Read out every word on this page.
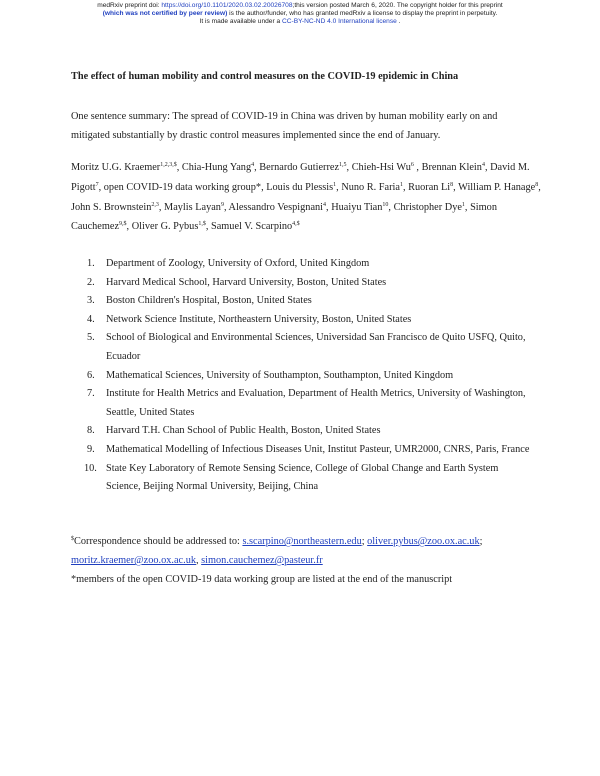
medRxiv preprint doi: https://doi.org/10.1101/2020.03.02.20026708;this version posted March 6, 2020. The copyright holder for this preprint
(which was not certified by peer review) is the author/funder, who has granted medRxiv a license to display the preprint in perpetuity.
It is made available under a CC-BY-NC-ND 4.0 International license .
The effect of human mobility and control measures on the COVID-19 epidemic in China
One sentence summary: The spread of COVID-19 in China was driven by human mobility early on and mitigated substantially by drastic control measures implemented since the end of January.
Moritz U.G. Kraemer$^{1,2,3,\$}$, Chia-Hung Yang$^4$, Bernardo Gutierrez$^{1,5}$, Chieh-Hsi Wu$^6$ , Brennan Klein$^4$, David M. Pigott$^7$, open COVID-19 data working group*, Louis du Plessis$^1$, Nuno R. Faria$^1$, Ruoran Li$^8$, William P. Hanage$^8$, John S. Brownstein$^{2,3}$, Maylis Layan$^9$, Alessandro Vespignani$^4$, Huaiyu Tian$^{10}$, Christopher Dye$^1$, Simon Cauchemez$^{9,\$}$, Oliver G. Pybus$^{1,\$}$, Samuel V. Scarpino$^{4,\$}$
1. Department of Zoology, University of Oxford, United Kingdom
2. Harvard Medical School, Harvard University, Boston, United States
3. Boston Children's Hospital, Boston, United States
4. Network Science Institute, Northeastern University, Boston, United States
5. School of Biological and Environmental Sciences, Universidad San Francisco de Quito USFQ, Quito, Ecuador
6. Mathematical Sciences, University of Southampton, Southampton, United Kingdom
7. Institute for Health Metrics and Evaluation, Department of Health Metrics, University of Washington, Seattle, United States
8. Harvard T.H. Chan School of Public Health, Boston, United States
9. Mathematical Modelling of Infectious Diseases Unit, Institut Pasteur, UMR2000, CNRS, Paris, France
10. State Key Laboratory of Remote Sensing Science, College of Global Change and Earth System Science, Beijing Normal University, Beijing, China
$Correspondence should be addressed to: s.scarpino@northeastern.edu; oliver.pybus@zoo.ox.ac.uk; moritz.kraemer@zoo.ox.ac.uk, simon.cauchemez@pasteur.fr
*members of the open COVID-19 data working group are listed at the end of the manuscript
